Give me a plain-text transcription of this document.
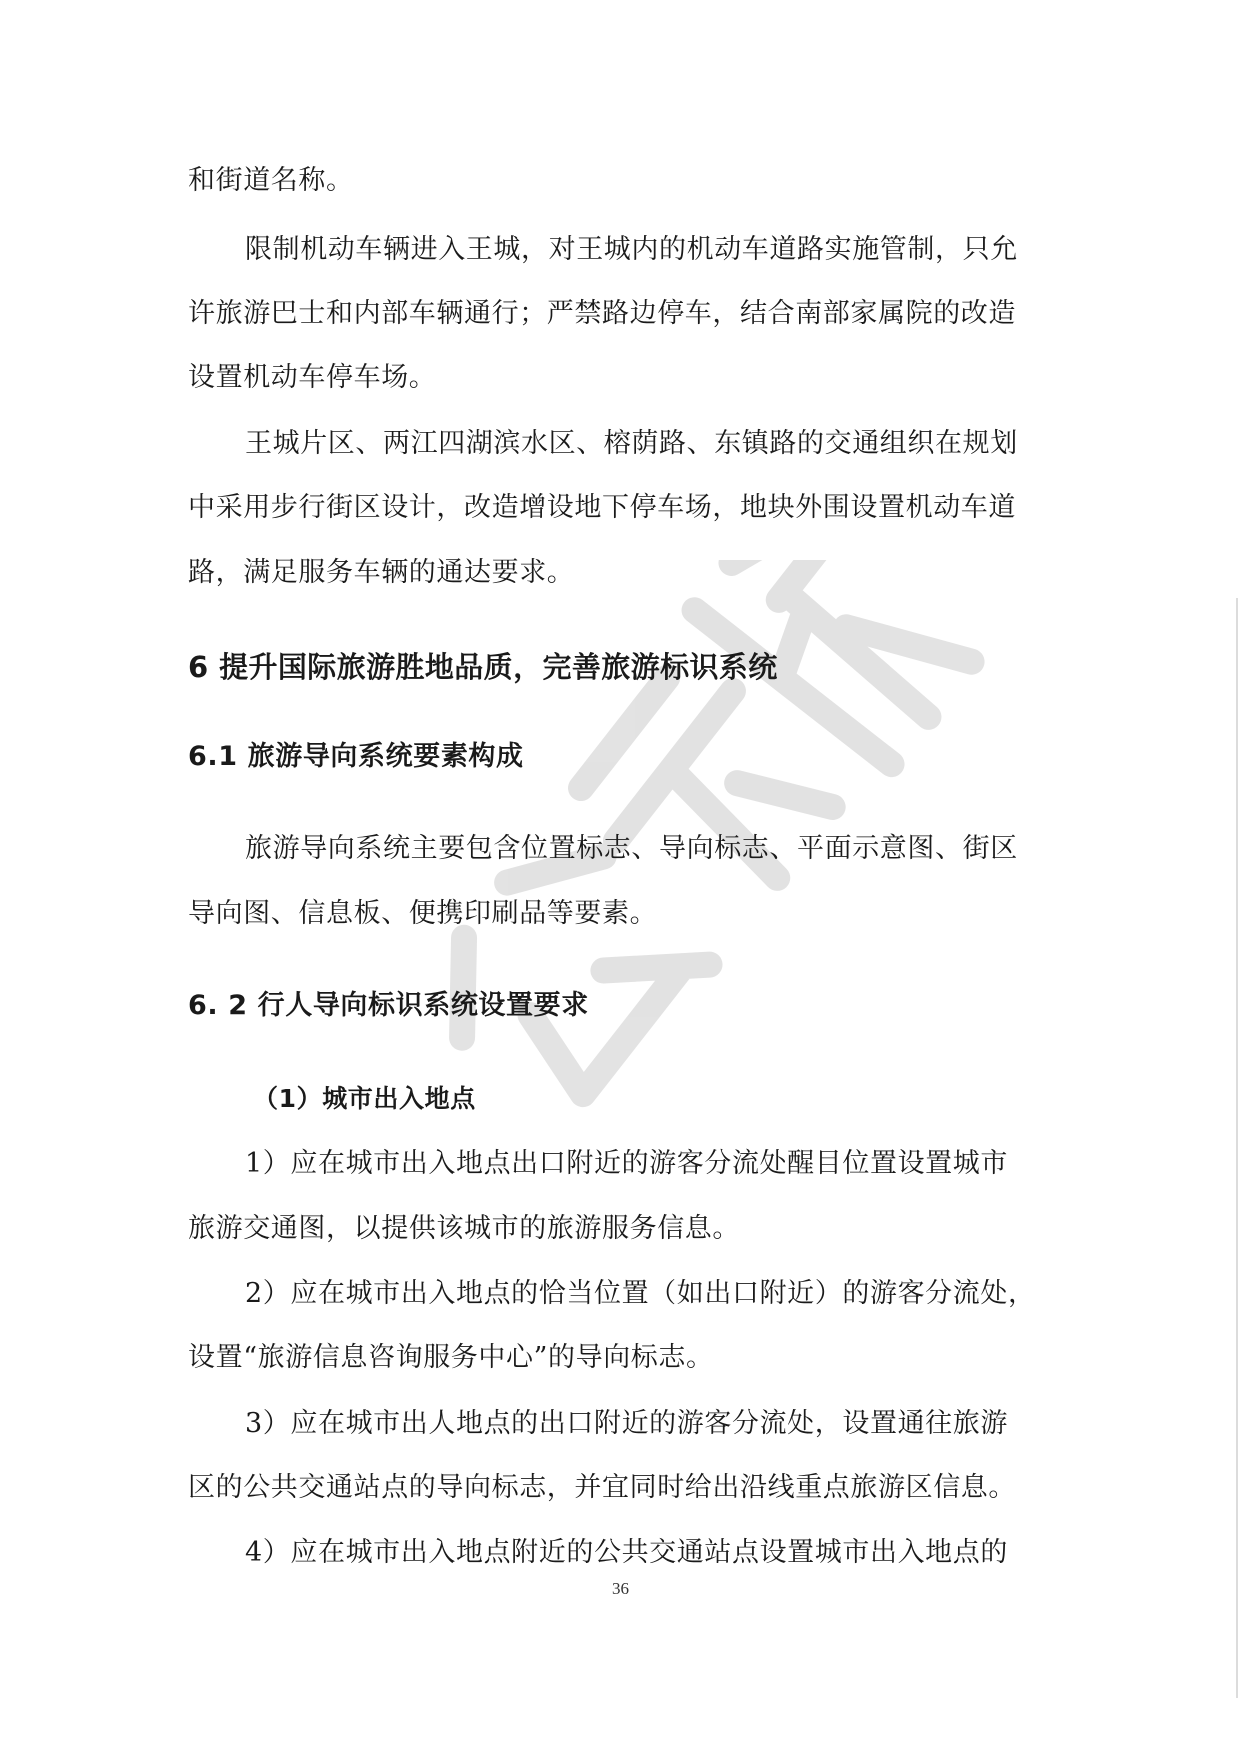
和街道名称。
限制机动车辆进入王城，对王城内的机动车道路实施管制，只允
许旅游巴士和内部车辆通行；严禁路边停车，结合南部家属院的改造
设置机动车停车场。
王城片区、两江四湖滨水区、榕荫路、东镇路的交通组织在规划
中采用步行街区设计，改造增设地下停车场，地块外围设置机动车道
路，满足服务车辆的通达要求。
6 提升国际旅游胜地品质，完善旅游标识系统
6.1 旅游导向系统要素构成
旅游导向系统主要包含位置标志、导向标志、平面示意图、街区
导向图、信息板、便携印刷品等要素。
6. 2 行人导向标识系统设置要求
（1）城市出入地点
1）应在城市出入地点出口附近的游客分流处醒目位置设置城市
旅游交通图，以提供该城市的旅游服务信息。
2）应在城市出入地点的恰当位置（如出口附近）的游客分流处，
设置“旅游信息咨询服务中心”的导向标志。
3）应在城市出人地点的出口附近的游客分流处，设置通往旅游
区的公共交通站点的导向标志，并宜同时给出沿线重点旅游区信息。
4）应在城市出入地点附近的公共交通站点设置城市出入地点的
36
